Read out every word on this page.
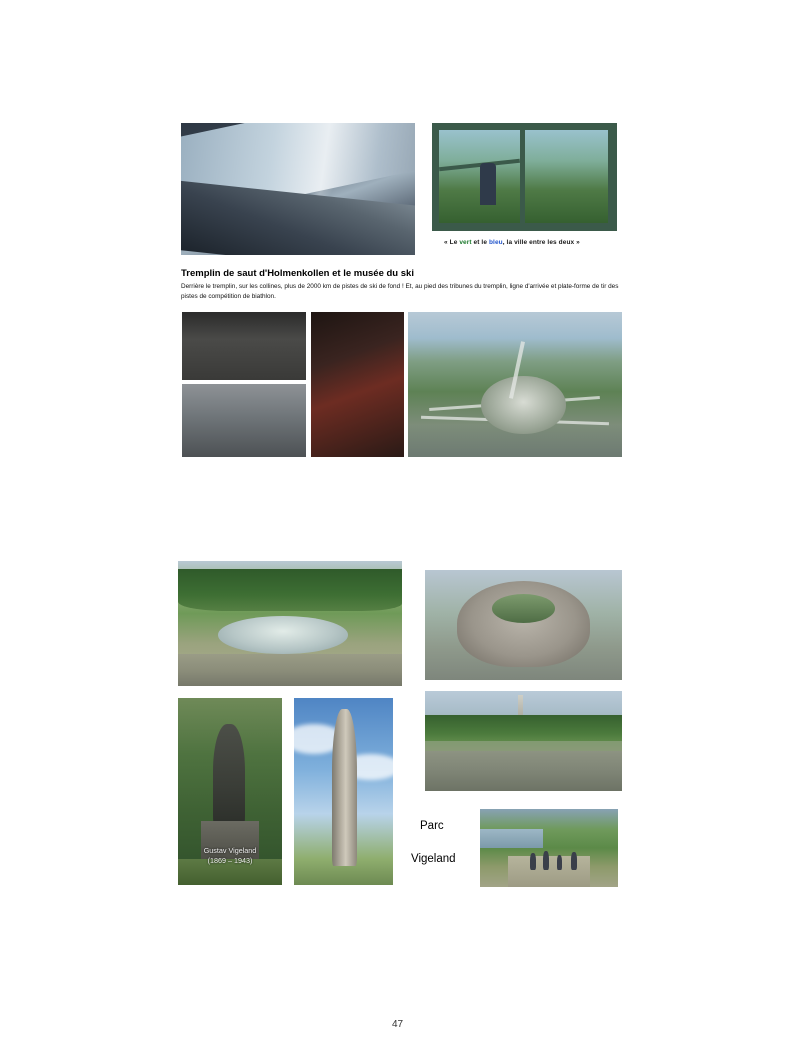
« Le vert et le bleu, la ville entre les deux »
Tremplin de saut d'Holmenkollen et le musée du ski
Derrière le tremplin, sur les collines, plus de 2000 km de pistes de ski de fond ! Et, au pied des tribunes du tremplin, ligne d'arrivée et plate-forme de tir des pistes de compétition de biathlon.
Gustav Vigeland
(1869 – 1943)
Parc
Vigeland
47
